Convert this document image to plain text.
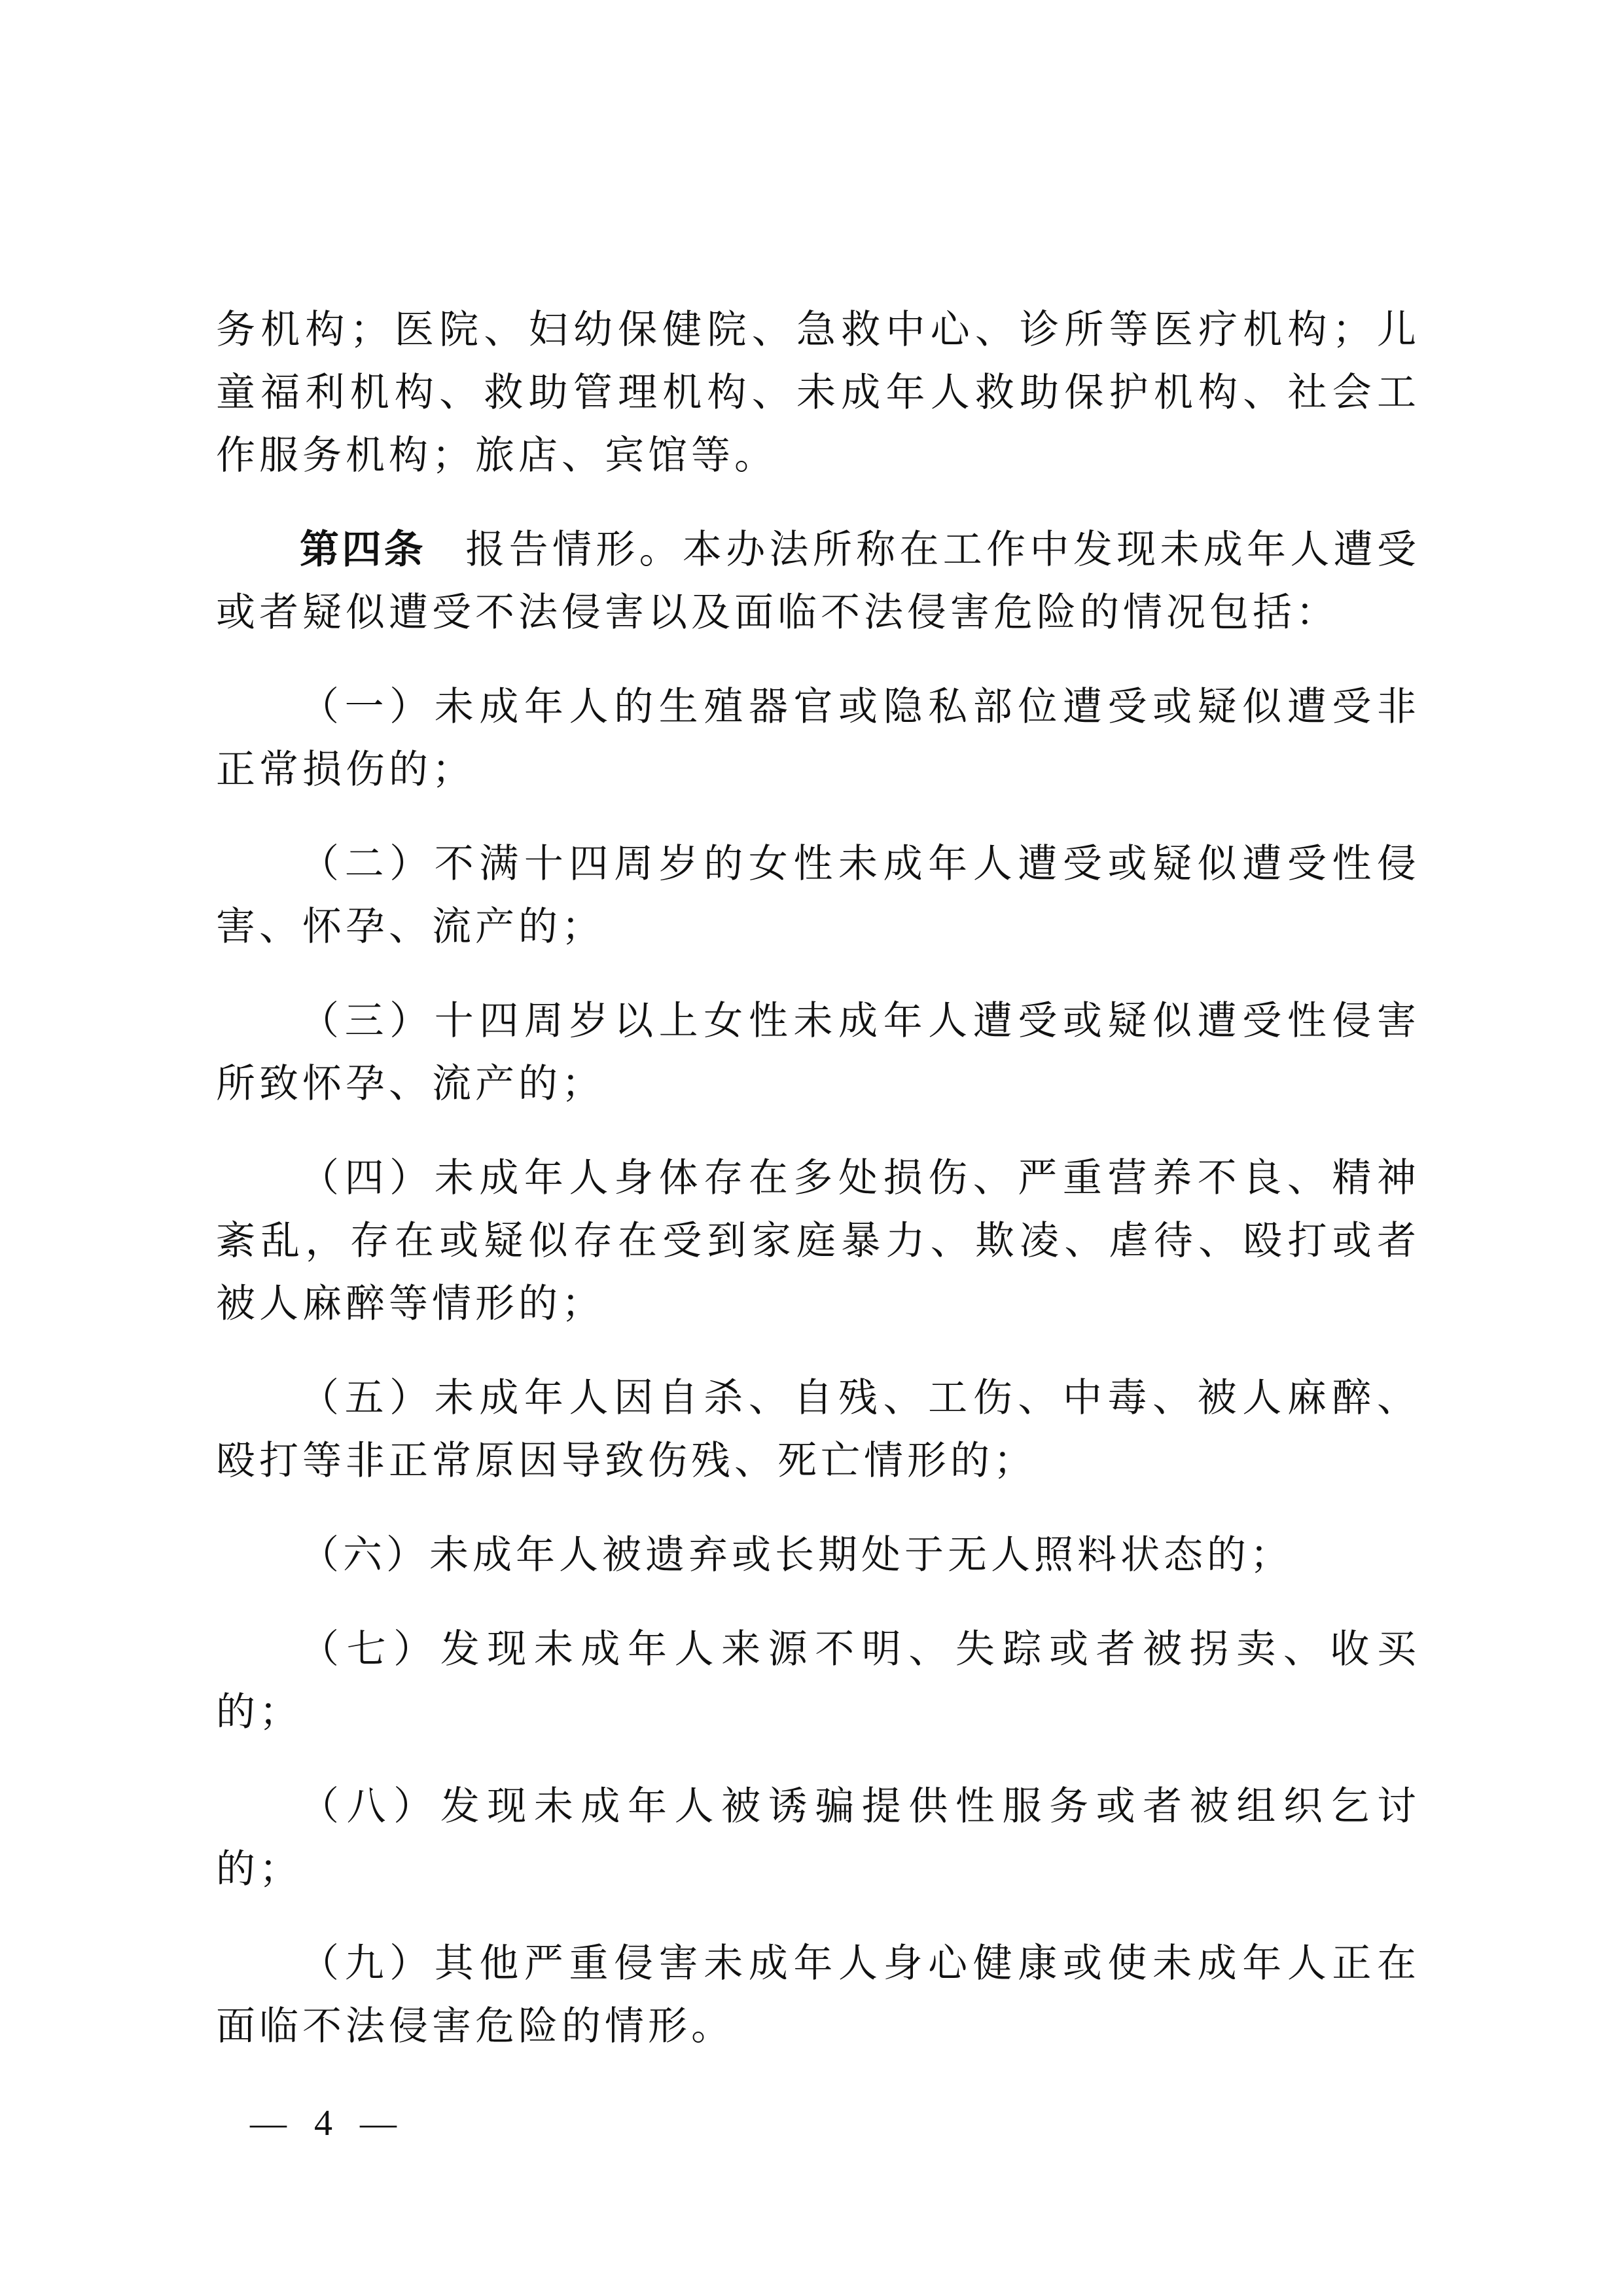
务机构；医院、妇幼保健院、急救中心、诊所等医疗机构；儿童福利机构、救助管理机构、未成年人救助保护机构、社会工作服务机构；旅店、宾馆等。

第四条 报告情形。本办法所称在工作中发现未成年人遭受或者疑似遭受不法侵害以及面临不法侵害危险的情况包括：

（一）未成年人的生殖器官或隐私部位遭受或疑似遭受非正常损伤的；

（二）不满十四周岁的女性未成年人遭受或疑似遭受性侵害、怀孕、流产的；

（三）十四周岁以上女性未成年人遭受或疑似遭受性侵害所致怀孕、流产的；

（四）未成年人身体存在多处损伤、严重营养不良、精神紊乱，存在或疑似存在受到家庭暴力、欺凌、虐待、殴打或者被人麻醉等情形的；

（五）未成年人因自杀、自残、工伤、中毒、被人麻醉、殴打等非正常原因导致伤残、死亡情形的；

（六）未成年人被遗弃或长期处于无人照料状态的；

（七）发现未成年人来源不明、失踪或者被拐卖、收买的；

（八）发现未成年人被诱骗提供性服务或者被组织乞讨的；

（九）其他严重侵害未成年人身心健康或使未成年人正在面临不法侵害危险的情形。

— 4 —
